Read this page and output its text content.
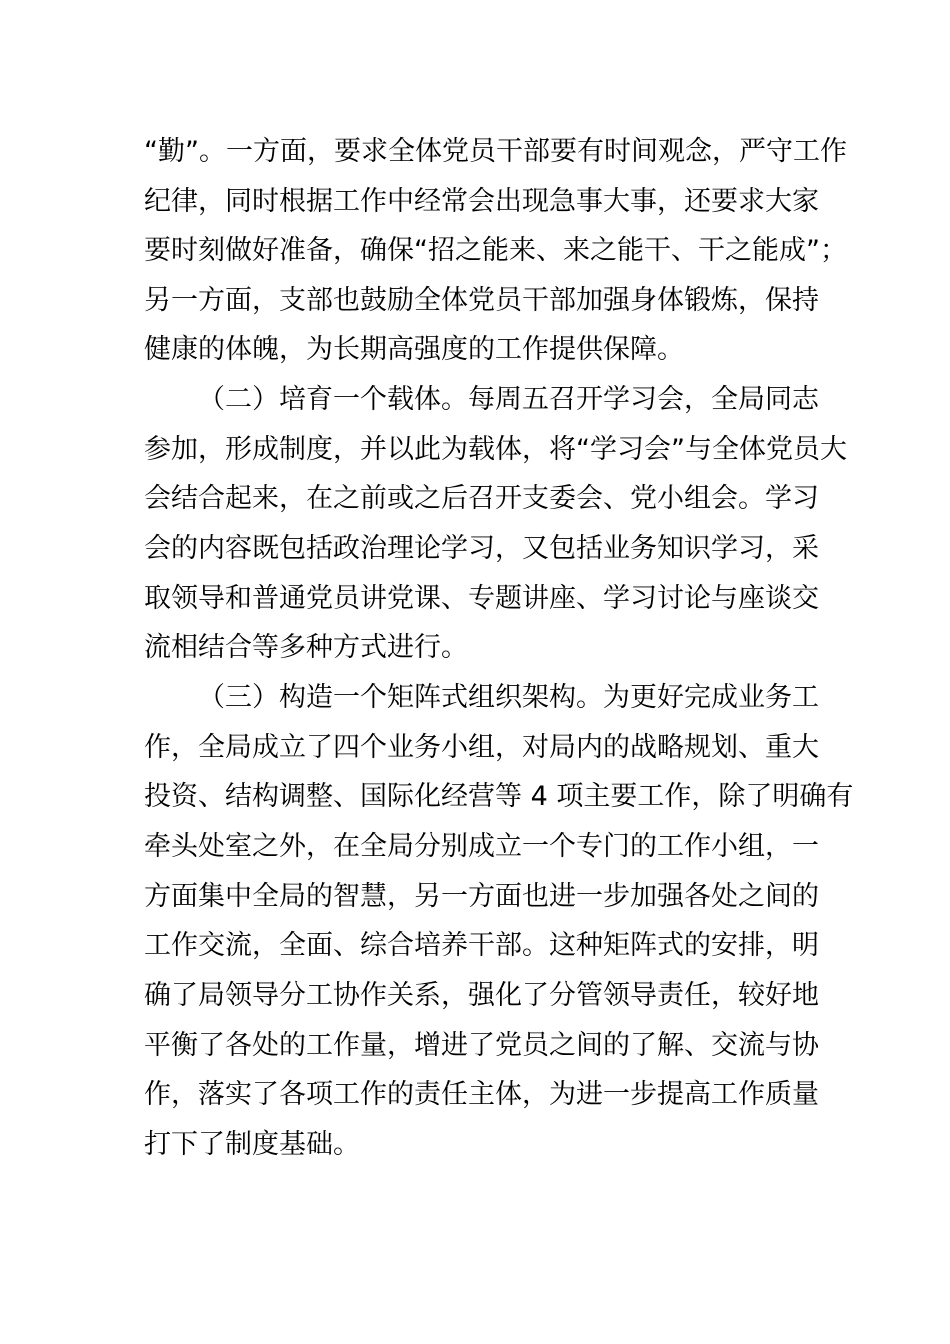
“勤”。一方面，要求全体党员干部要有时间观念，严守工作
纪律，同时根据工作中经常会出现急事大事，还要求大家
要时刻做好准备，确保“招之能来、来之能干、干之能成”；
另一方面，支部也鼓励全体党员干部加强身体锻炼，保持
健康的体魄，为长期高强度的工作提供保障。
（二）培育一个载体。每周五召开学习会，全局同志
参加，形成制度，并以此为载体，将“学习会”与全体党员大
会结合起来，在之前或之后召开支委会、党小组会。学习
会的内容既包括政治理论学习，又包括业务知识学习，采
取领导和普通党员讲党课、专题讲座、学习讨论与座谈交
流相结合等多种方式进行。
（三）构造一个矩阵式组织架构。为更好完成业务工
作，全局成立了四个业务小组，对局内的战略规划、重大
投资、结构调整、国际化经营等 4 项主要工作，除了明确有
牵头处室之外，在全局分别成立一个专门的工作小组，一
方面集中全局的智慧，另一方面也进一步加强各处之间的
工作交流，全面、综合培养干部。这种矩阵式的安排，明
确了局领导分工协作关系，强化了分管领导责任，较好地
平衡了各处的工作量，增进了党员之间的了解、交流与协
作，落实了各项工作的责任主体，为进一步提高工作质量
打下了制度基础。
